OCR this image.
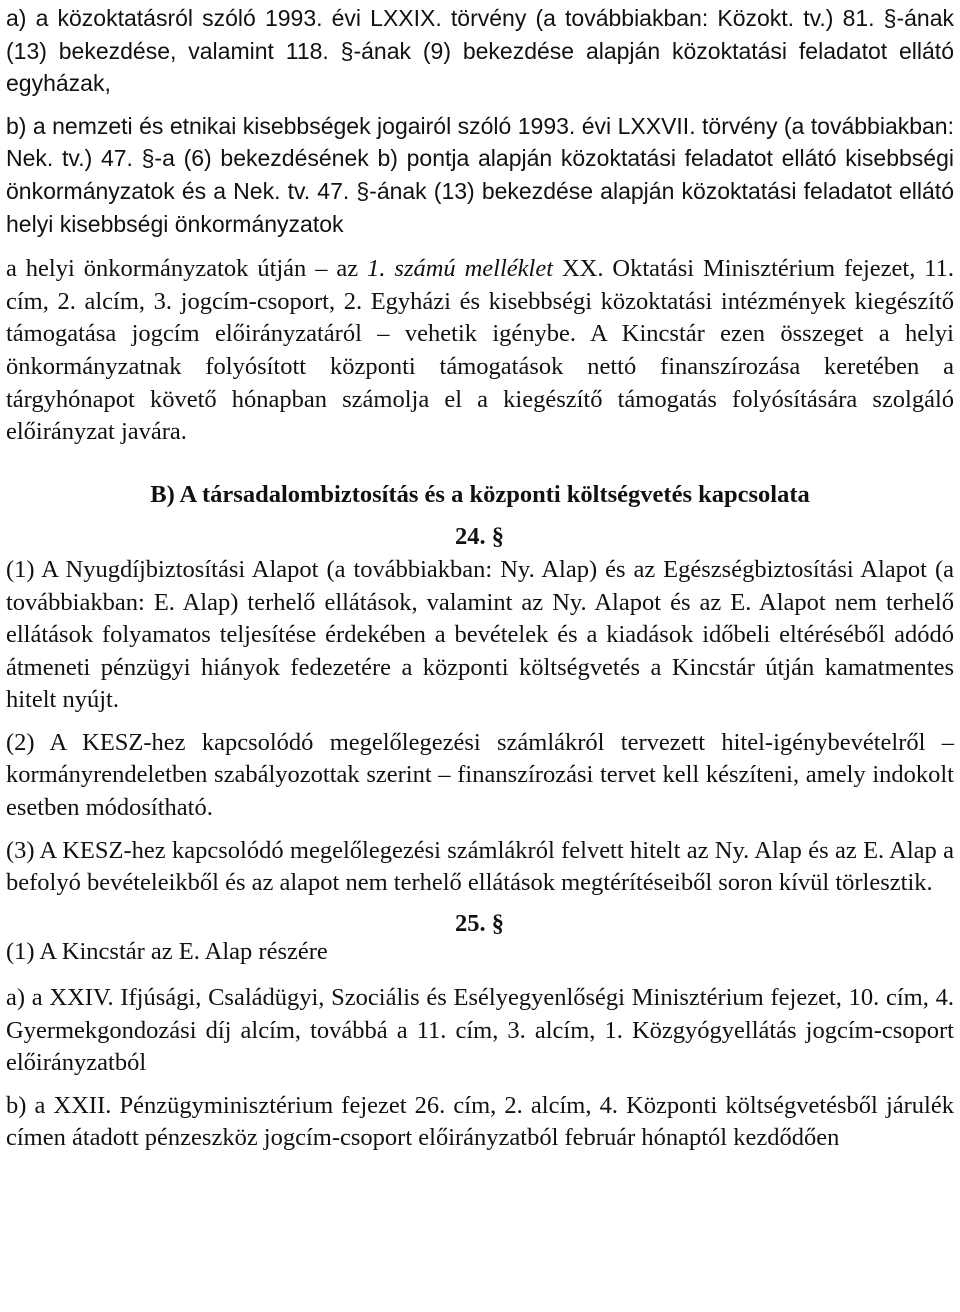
a) a közoktatásról szóló 1993. évi LXXIX. törvény (a továbbiakban: Közokt. tv.) 81. §-ának (13) bekezdése, valamint 118. §-ának (9) bekezdése alapján közoktatási feladatot ellátó egyházak,

b) a nemzeti és etnikai kisebbségek jogairól szóló 1993. évi LXXVII. törvény (a továbbiakban: Nek. tv.) 47. §-a (6) bekezdésének b) pontja alapján közoktatási feladatot ellátó kisebbségi önkormányzatok és a Nek. tv. 47. §-ának (13) bekezdése alapján közoktatási feladatot ellátó helyi kisebbségi önkormányzatok

a helyi önkormányzatok útján – az 1. számú melléklet XX. Oktatási Minisztérium fejezet, 11. cím, 2. alcím, 3. jogcím-csoport, 2. Egyházi és kisebbségi közoktatási intézmények kiegészítő támogatása jogcím előirányzatáról – vehetik igénybe. A Kincstár ezen összeget a helyi önkormányzatnak folyósított központi támogatások nettó finanszírozása keretében a tárgyhónapot követő hónapban számolja el a kiegészítő támogatás folyósítására szolgáló előirányzat javára.

B) A társadalombiztosítás és a központi költségvetés kapcsolata

24. §

(1) A Nyugdíjbiztosítási Alapot (a továbbiakban: Ny. Alap) és az Egészségbiztosítási Alapot (a továbbiakban: E. Alap) terhelő ellátások, valamint az Ny. Alapot és az E. Alapot nem terhelő ellátások folyamatos teljesítése érdekében a bevételek és a kiadások időbeli eltéréséből adódó átmeneti pénzügyi hiányok fedezetére a központi költségvetés a Kincstár útján kamatmentes hitelt nyújt.

(2) A KESZ-hez kapcsolódó megelőlegezési számlákról tervezett hitel-igénybevételről – kormányrendeletben szabályozottak szerint – finanszírozási tervet kell készíteni, amely indokolt esetben módosítható.

(3) A KESZ-hez kapcsolódó megelőlegezési számlákról felvett hitelt az Ny. Alap és az E. Alap a befolyó bevételeikből és az alapot nem terhelő ellátások megtérítéseiből soron kívül törlesztik.

25. §

(1) A Kincstár az E. Alap részére

a) a XXIV. Ifjúsági, Családügyi, Szociális és Esélyegyenlőségi Minisztérium fejezet, 10. cím, 4. Gyermekgondozási díj alcím, továbbá a 11. cím, 3. alcím, 1. Közgyógyellátás jogcím-csoport előirányzatból

b) a XXII. Pénzügyminisztérium fejezet 26. cím, 2. alcím, 4. Központi költségvetésből járulék címen átadott pénzeszköz jogcím-csoport előirányzatból február hónaptól kezdődően
